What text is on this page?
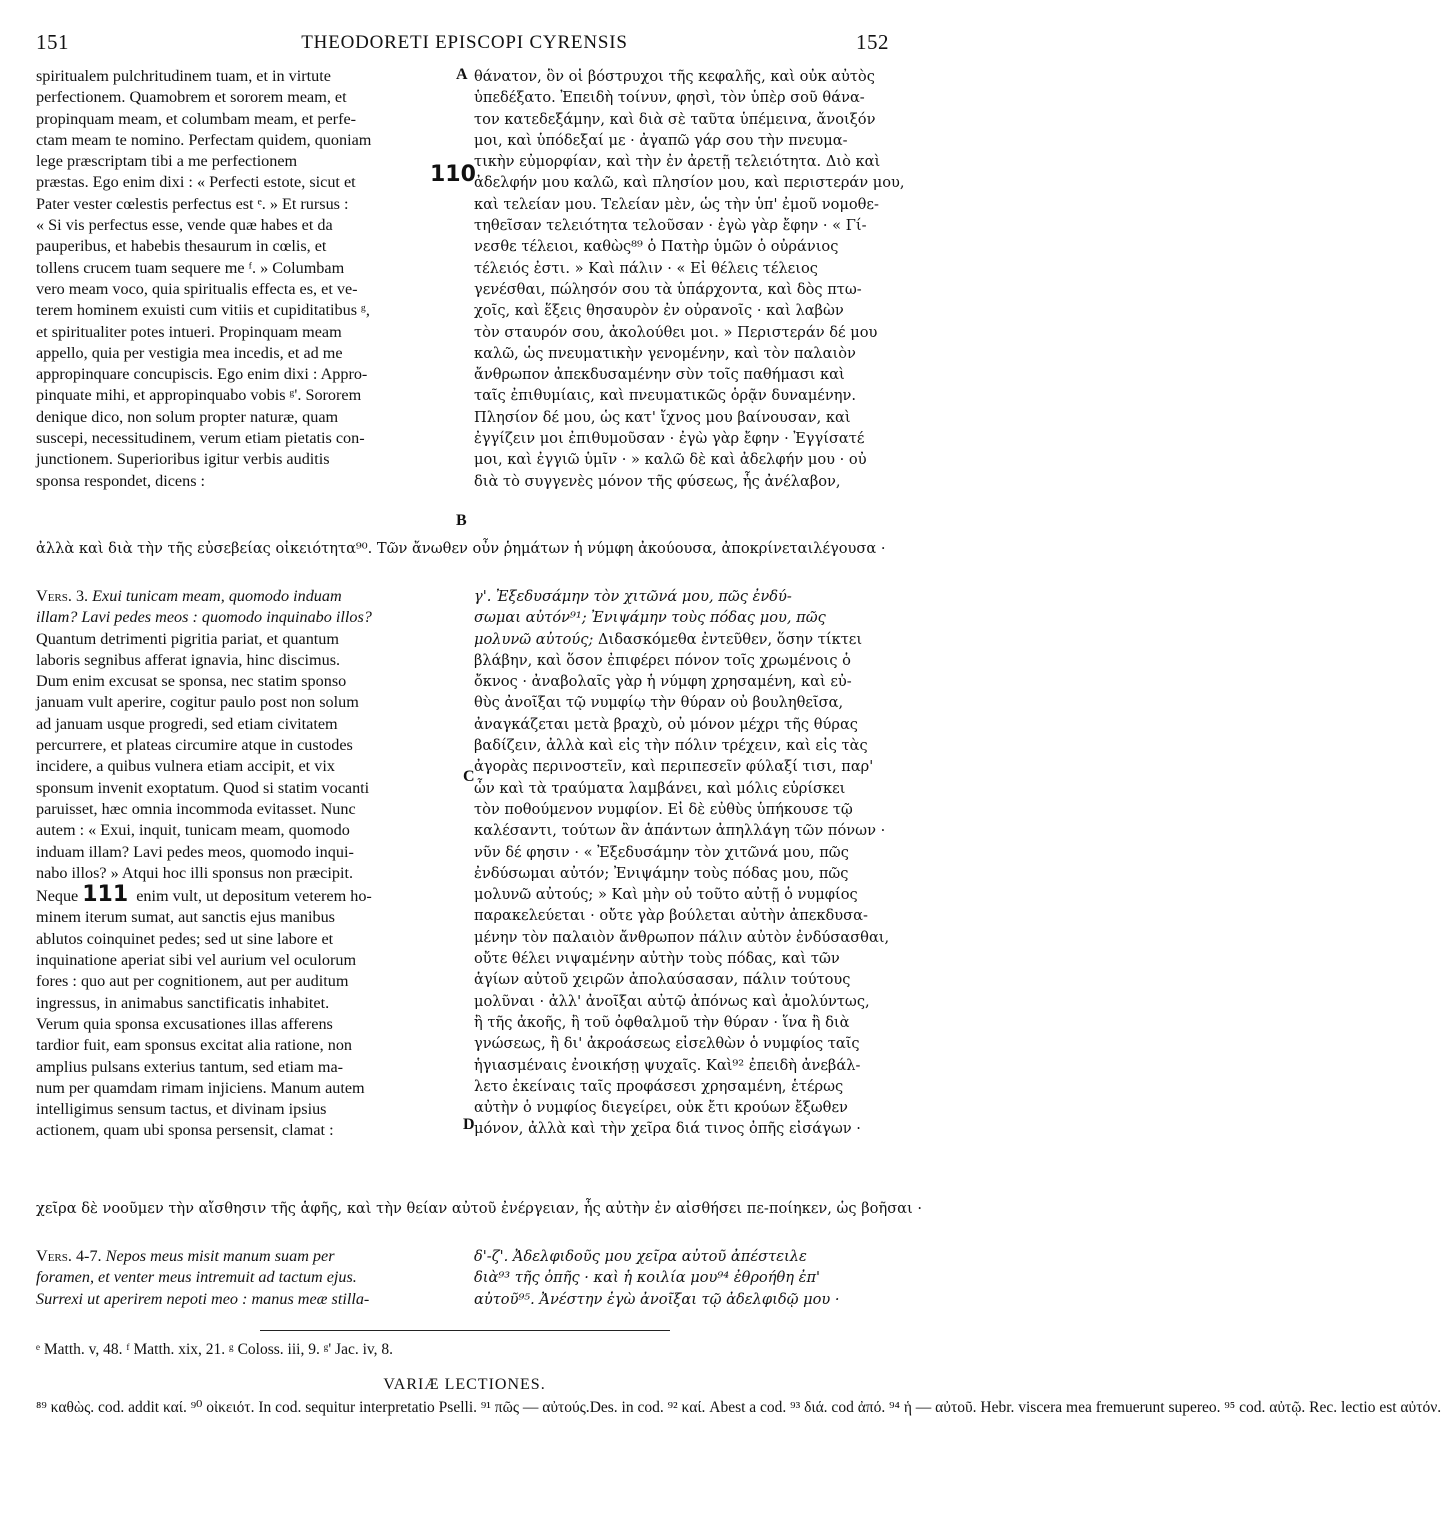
151	THEODORETI EPISCOPI CYRENSIS	152
spiritualem pulchritudinem tuam, et in virtute
perfectionem. Quamobrem et sororem meam, et
propinquam meam, et columbam meam, et perfe-
ctam meam te nomino. Perfectam quidem, quoniam
lege præscriptam tibi a me perfectionem
præstas. Ego enim dixi : « Perfecti estote, sicut et
Pater vester cœlestis perfectus est ᵉ. » Et rursus :
« Si vis perfectus esse, vende quæ habes et da
pauperibus, et habebis thesaurum in cœlis, et
tollens crucem tuam sequere me ᶠ. » Columbam
vero meam voco, quia spiritualis effecta es, et ve-
terem hominem exuisti cum vitiis et cupiditatibus ᵍ,
et spiritualiter potes intueri. Propinquam meam
appello, quia per vestigia mea incedis, et ad me
appropinquare concupiscis. Ego enim dixi : Appro-
pinquate mihi, et appropinquabo vobis ᵍ'. Sororem
denique dico, non solum propter naturæ, quam
suscepi, necessitudinem, verum etiam pietatis con-
junctionem. Superioribus igitur verbis auditis
sponsa respondet, dicens :
110
θάνατον, ὃν οἱ βόστρυχοι τῆς κεφαλῆς, καὶ οὐκ αὐτὸς
ὑπεδέξατο. Ἐπειδὴ τοίνυν, φησὶ, τὸν ὑπὲρ σοῦ θάνα-
τον κατεδεξάμην, καὶ διὰ σὲ ταῦτα ὑπέμεινα, ἄνοιξόν
μοι, καὶ ὑπόδεξαί με · ἀγαπῶ γάρ σου τὴν πνευμα-
τικὴν εὐμορφίαν, καὶ τὴν ἐν ἀρετῇ τελειότητα. Διὸ καὶ
ἀδελφήν μου καλῶ, καὶ πλησίον μου, καὶ περιστεράν μου,
καὶ τελείαν μου. Τελείαν μὲν, ὡς τὴν ὑπ' ἐμοῦ νομοθε-
τηθεῖσαν τελειότητα τελοῦσαν · ἐγὼ γὰρ ἔφην · « Γί-
νεσθε τέλειοι, καθὼς⁸⁹ ὁ Πατὴρ ὑμῶν ὁ οὐράνιος
τέλειός ἐστι. » Καὶ πάλιν · « Εἰ θέλεις τέλειος
γενέσθαι, πώλησόν σου τὰ ὑπάρχοντα, καὶ δὸς πτω-
χοῖς, καὶ ἕξεις θησαυρὸν ἐν οὐρανοῖς · καὶ λαβὼν
τὸν σταυρόν σου, ἀκολούθει μοι. » Περιστεράν δέ μου
καλῶ, ὡς πνευματικὴν γενομένην, καὶ τὸν παλαιὸν
ἄνθρωπον ἀπεκδυσαμένην σὺν τοῖς παθήμασι καὶ
ταῖς ἐπιθυμίαις, καὶ πνευματικῶς ὁρᾷν δυναμένην.
Πλησίον δέ μου, ὡς κατ' ἴχνος μου βαίνουσαν, καὶ
ἐγγίζειν μοι ἐπιθυμοῦσαν · ἐγὼ γὰρ ἔφην · Ἐγγίσατέ
μοι, καὶ ἐγγιῶ ὑμῖν · » καλῶ δὲ καὶ ἀδελφήν μου · οὐ
διὰ τὸ συγγενὲς μόνον τῆς φύσεως, ἧς ἀνέλαβον,
A
B
ἀλλὰ καὶ διὰ τὴν τῆς εὐσεβείας οἰκειότητα⁹⁰. Τῶν ἄνωθεν οὖν ῥημάτων ἡ νύμφη ἀκούουσα, ἀποκρίνεταιλέγουσα ·
Vers. 3. Exui tunicam meam, quomodo induam
illam? Lavi pedes meos : quomodo inquinabo illos?
Quantum detrimenti pigritia pariat, et quantum
laboris segnibus afferat ignavia, hinc discimus.
Dum enim excusat se sponsa, nec statim sponso
januam vult aperire, cogitur paulo post non solum
ad januam usque progredi, sed etiam civitatem
percurrere, et plateas circumire atque in custodes
incidere, a quibus vulnera etiam accipit, et vix
sponsum invenit exoptatum. Quod si statim vocanti
paruisset, hæc omnia incommoda evitasset. Nunc
autem : « Exui, inquit, tunicam meam, quomodo
induam illam? Lavi pedes meos, quomodo inqui-
nabo illos? » Atqui hoc illi sponsus non præcipit.
Neque 111 enim vult, ut depositum veterem ho-
minem iterum sumat, aut sanctis ejus manibus
ablutos coinquinet pedes; sed ut sine labore et
inquinatione aperiat sibi vel aurium vel oculorum
fores : quo aut per cognitionem, aut per auditum
ingressus, in animabus sanctificatis inhabitet.
Verum quia sponsa excusationes illas afferens
tardior fuit, eam sponsus excitat alia ratione, non
amplius pulsans exterius tantum, sed etiam ma-
num per quamdam rimam injiciens. Manum autem
intelligimus sensum tactus, et divinam ipsius
actionem, quam ubi sponsa persensit, clamat :
γ'. Ἐξεδυσάμην τὸν χιτῶνά μου, πῶς ἐνδύ-
σωμαι αὐτόν⁹¹; Ἐνιψάμην τοὺς πόδας μου, πῶς
μολυνῶ αὐτούς; Διδασκόμεθα ἐντεῦθεν, ὅσην τίκτει
βλάβην, καὶ ὅσον ἐπιφέρει πόνον τοῖς χρωμένοις ὁ
ὄκνος · ἀναβολαῖς γὰρ ἡ νύμφη χρησαμένη, καὶ εὐ-
θὺς ἀνοῖξαι τῷ νυμφίῳ τὴν θύραν οὐ βουληθεῖσα,
ἀναγκάζεται μετὰ βραχὺ, οὐ μόνον μέχρι τῆς θύρας
βαδίζειν, ἀλλὰ καὶ εἰς τὴν πόλιν τρέχειν, καὶ εἰς τὰς
ἀγορὰς περινοστεῖν, καὶ περιπεσεῖν φύλαξί τισι, παρ'
ὧν καὶ τὰ τραύματα λαμβάνει, καὶ μόλις εὑρίσκει
τὸν ποθούμενον νυμφίον. Εἰ δὲ εὐθὺς ὑπήκουσε τῷ
καλέσαντι, τούτων ἂν ἁπάντων ἀπηλλάγη τῶν πόνων ·
νῦν δέ φησιν · « Ἐξεδυσάμην τὸν χιτῶνά μου, πῶς
ἐνδύσωμαι αὐτόν; Ἐνιψάμην τοὺς πόδας μου, πῶς
μολυνῶ αὐτούς; » Καὶ μὴν οὐ τοῦτο αὐτῇ ὁ νυμφίος
παρακελεύεται · οὔτε γὰρ βούλεται αὐτὴν ἀπεκδυσα-
μένην τὸν παλαιὸν ἄνθρωπον πάλιν αὐτὸν ἐνδύσασθαι,
οὔτε θέλει νιψαμένην αὐτὴν τοὺς πόδας, καὶ τῶν
ἁγίων αὐτοῦ χειρῶν ἀπολαύσασαν, πάλιν τούτους
μολῦναι · ἀλλ' ἀνοῖξαι αὐτῷ ἀπόνως καὶ ἀμολύντως,
ἢ τῆς ἀκοῆς, ἢ τοῦ ὀφθαλμοῦ τὴν θύραν · ἵνα ἢ διὰ
γνώσεως, ἢ δι' ἀκροάσεως εἰσελθὼν ὁ νυμφίος ταῖς
ἡγιασμέναις ἐνοικήσῃ ψυχαῖς. Καὶ⁹² ἐπειδὴ ἀνεβάλ-
λετο ἐκείναις ταῖς προφάσεσι χρησαμένη, ἑτέρως
αὐτὴν ὁ νυμφίος διεγείρει, οὐκ ἔτι κρούων ἔξωθεν
μόνον, ἀλλὰ καὶ τὴν χεῖρα διά τινος ὀπῆς εἰσάγων ·
C
D
χεῖρα δὲ νοοῦμεν τὴν αἴσθησιν τῆς ἁφῆς, καὶ τὴν θείαν αὐτοῦ ἐνέργειαν, ἧς αὐτὴν ἐν αἰσθήσει πε-ποίηκεν, ὡς βοῆσαι ·
Vers. 4-7. Nepos meus misit manum suam per
foramen, et venter meus intremuit ad tactum ejus.
Surrexi ut aperirem nepoti meo : manus meæ stilla-
δ'-ζ'. Ἀδελφιδοῦς μου χεῖρα αὐτοῦ ἀπέστειλε
διὰ⁹³ τῆς ὀπῆς · καὶ ἡ κοιλία μου⁹⁴ ἐθροήθη ἐπ'
αὐτοῦ⁹⁵. Ἀνέστην ἐγὼ ἀνοῖξαι τῷ ἀδελφιδῷ μου ·
ᵉ Matth. v, 48. ᶠ Matth. xix, 21. ᵍ Coloss. iii, 9. ᵍ' Jac. iv, 8.
VARIÆ LECTIONES.
⁸⁹ καθὼς. cod. addit καί. ⁹⁰ οἰκειότ. In cod. sequitur interpretatio Pselli. ⁹¹ πῶς — αὐτούς.Des. in cod. ⁹² καί. Abest a cod. ⁹³ διά. cod ἀπό. ⁹⁴ ἡ — αὐτοῦ. Hebr. viscera mea fremuerunt supereo. ⁹⁵ cod. αὐτῷ. Rec. lectio est αὐτόν.
